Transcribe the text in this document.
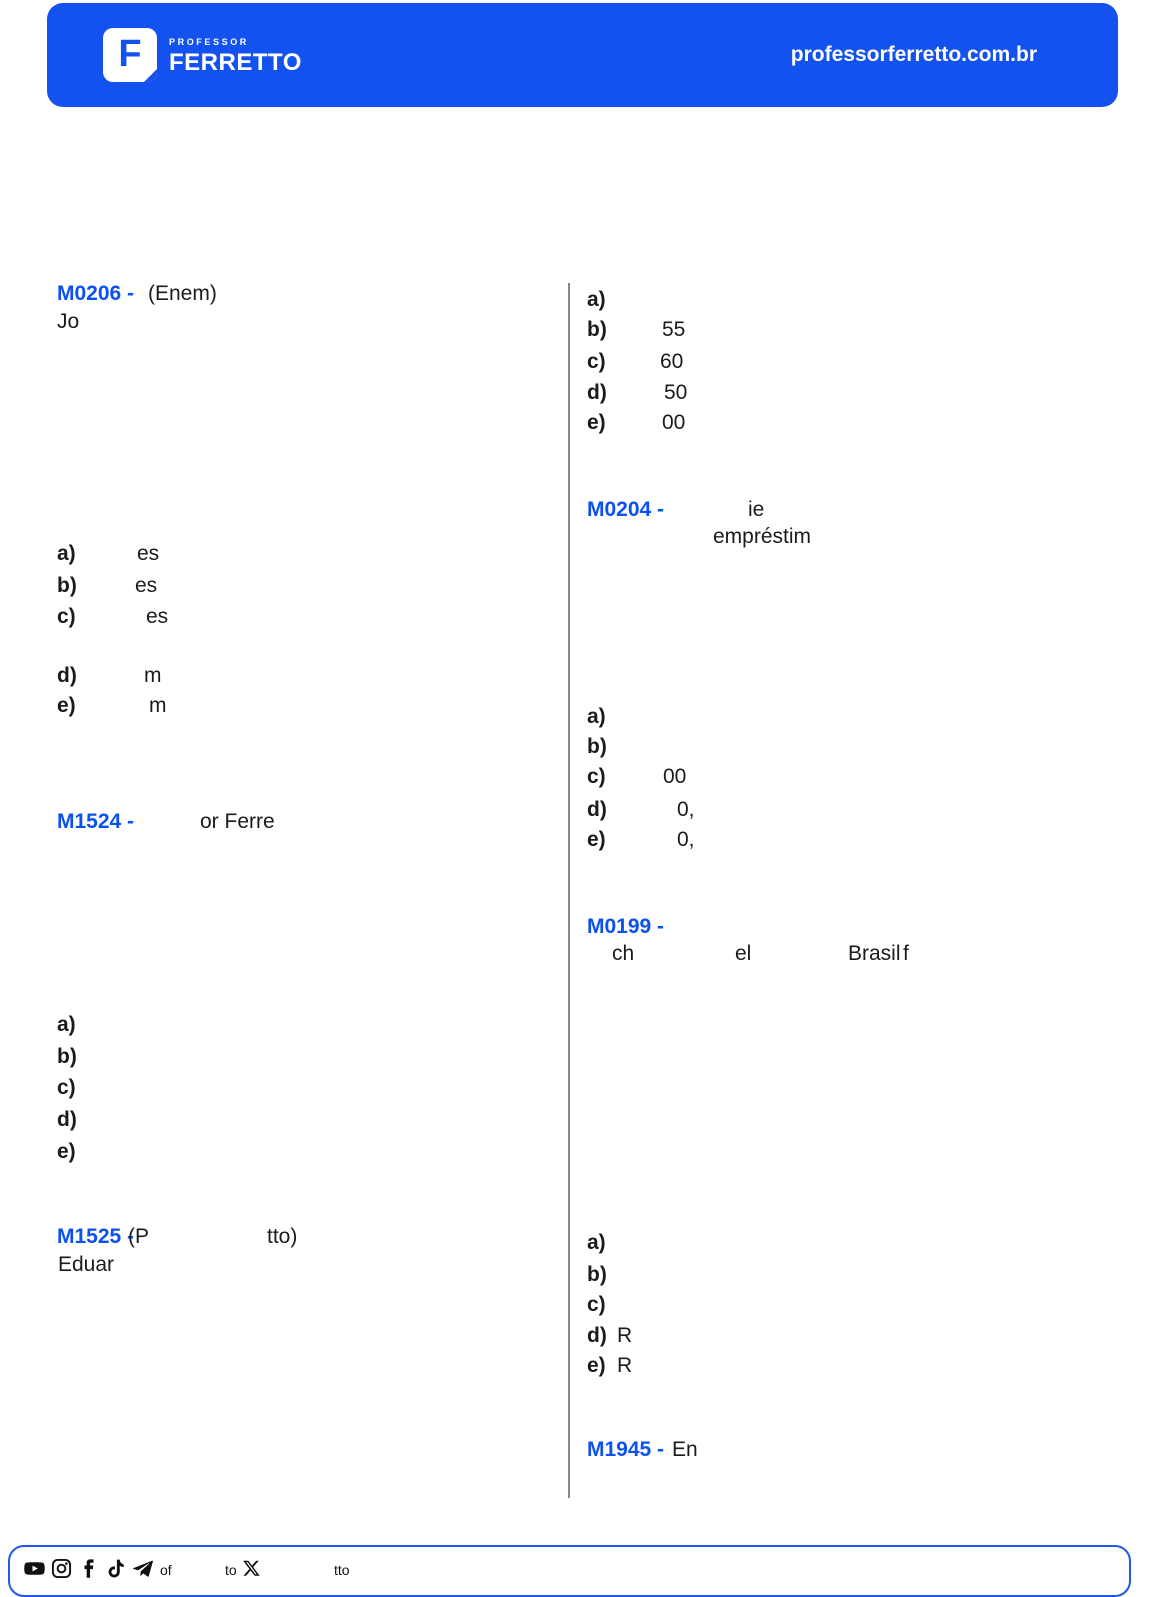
F	PROFESSOR
FERRETTO	professorferretto.com.br
M0206 - (Enem)
Jo
a)	es
b)	es
c)	es
d)	m
e)	m
M1524 -	or Ferre
a)
b)
c)
d)
e)
M1525 -
(P	tto)
Eduar
a)
b)	55
c)	60
d)	50
e)	00
M0204 -	ie
empréstim
a)
b)
c)	00
d)	0,
e)	0,
M0199 -
ch	el	Brasil f
a)
b)
c)
d) R
e) R
M1945 - En
of	to	tto
